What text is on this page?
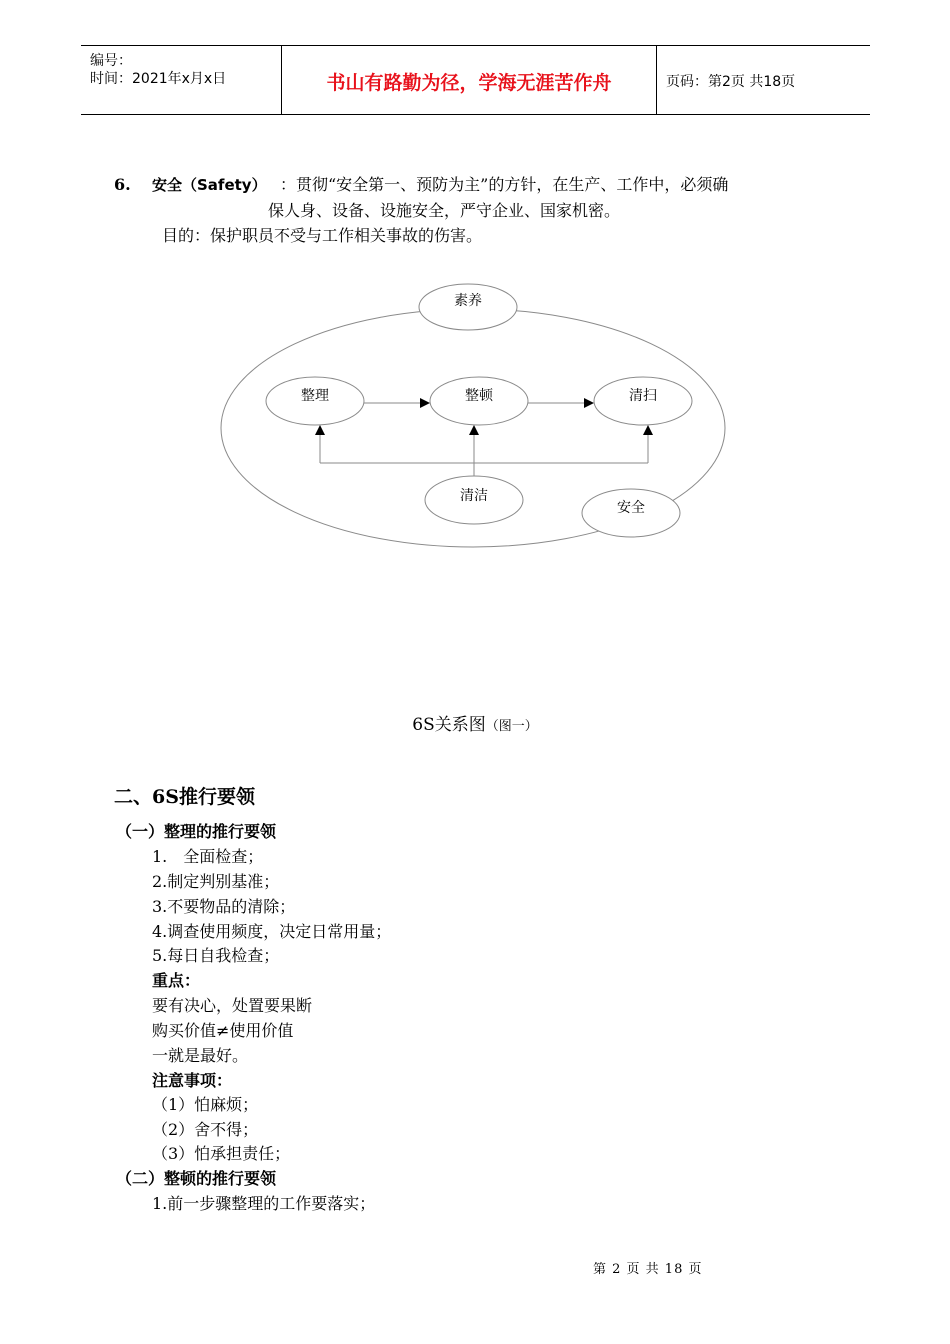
编号：
时间：2021年x月x日	书山有路勤为径，学海无涯苦作舟	页码：第2页 共18页
6. 安全（Safety） ：贯彻“安全第一、预防为主”的方针，在生产、工作中，必须确
保人身、设备、设施安全，严守企业、国家机密。
目的：保护职员不受与工作相关事故的伤害。
素养
整理	整顿	清扫
清洁
安全
6S关系图（图一）
二、6S推行要领
（一）整理的推行要领
1.　全面检查；
2.制定判别基准；
3.不要物品的清除；
4.调查使用频度，决定日常用量；
5.每日自我检查；
重点：
要有决心，处置要果断
购买价值≠使用价值
一就是最好。
注意事项：
（1）怕麻烦；
（2）舍不得；
（3）怕承担责任；
（二）整顿的推行要领
1.前一步骤整理的工作要落实；
第 2 页 共 18 页
